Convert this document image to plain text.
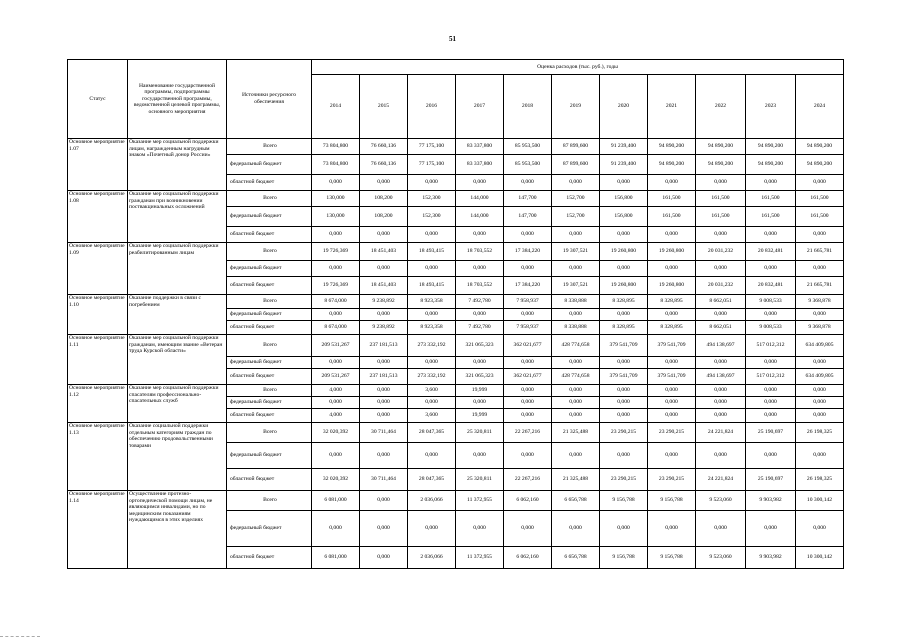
51
Статус	Наименование государственной программы, подпрограммы государственной программы, ведомственной целевой программы, основного мероприятия	Источники ресурсного обеспечения	Оценка расходов (тыс. руб.), годы										
			2014	2015	2016	2017	2018	2019	2020	2021	2022	2023	2024
Основное мероприятие 1.07	Оказание мер социальной поддержки лицам, награжденным нагрудным знаком «Почетный донор России»	Всего	73 804,800	76 660,136	77 175,100	83 337,800	85 953,500	87 899,600	91 239,400	94 890,200	94 890,200	94 890,200	94 890,200
		федеральный бюджет	73 804,800	76 660,136	77 175,100	83 337,800	85 953,500	87 899,600	91 239,400	94 890,200	94 890,200	94 890,200	94 890,200
		областной бюджет	0,000	0,000	0,000	0,000	0,000	0,000	0,000	0,000	0,000	0,000	0,000
Основное мероприятие 1.08	Оказание мер социальной поддержки гражданам при возникновении поствакцинальных осложнений	Всего	130,000	108,200	152,300	144,000	147,700	152,700	156,800	161,500	161,500	161,500	161,500
		федеральный бюджет	130,000	108,200	152,300	144,000	147,700	152,700	156,800	161,500	161,500	161,500	161,500
		областной бюджет	0,000	0,000	0,000	0,000	0,000	0,000	0,000	0,000	0,000	0,000	0,000
Основное мероприятие 1.09	Оказание мер социальной поддержки реабилитированным лицам	Всего	19 726,369	18 451,403	18 493,415	18 703,552	17 384,220	19 307,521	19 260,800	19 260,800	20 031,232	20 832,481	21 665,781
		федеральный бюджет	0,000	0,000	0,000	0,000	0,000	0,000	0,000	0,000	0,000	0,000	0,000
		областной бюджет	19 726,369	18 451,403	18 493,415	18 703,552	17 384,220	19 307,521	19 260,800	19 260,800	20 031,232	20 832,481	21 665,781
Основное мероприятие 1.10	Оказание поддержки в связи с погребением	Всего	8 674,000	9 238,892	8 923,358	7 492,780	7 958,937	8 338,888	8 328,895	8 328,895	8 662,051	9 008,533	9 368,878
		федеральный бюджет	0,000	0,000	0,000	0,000	0,000	0,000	0,000	0,000	0,000	0,000	0,000
		областной бюджет	8 674,000	9 238,892	8 923,358	7 492,780	7 958,937	8 338,888	8 328,895	8 328,895	8 662,051	9 008,533	9 368,878
Основное мероприятие 1.11	Оказание мер социальной поддержки гражданам, имеющим звание «Ветеран труда Курской области»	Всего	209 531,267	237 181,513	273 332,192	321 065,323	362 021,677	428 774,658	379 541,709	379 541,709	494 138,697	517 012,312	634 409,805
		федеральный бюджет	0,000	0,000	0,000	0,000	0,000	0,000	0,000	0,000	0,000	0,000	0,000
		областной бюджет	209 531,267	237 181,513	273 332,192	321 065,323	362 021,677	428 774,658	379 541,709	379 541,709	494 138,697	517 012,312	634 409,805
Основное мероприятие 1.12	Оказание мер социальной поддержки спасателям профессионально-спасательных служб	Всего	4,000	0,000	3,600	19,999	0,000	0,000	0,000	0,000	0,000	0,000	0,000
		федеральный бюджет	0,000	0,000	0,000	0,000	0,000	0,000	0,000	0,000	0,000	0,000	0,000
		областной бюджет	4,000	0,000	3,600	19,999	0,000	0,000	0,000	0,000	0,000	0,000	0,000
Основное мероприятие 1.13	Оказание социальной поддержки отдельным категориям граждан по обеспечению продовольственными товарами	Всего	32 020,392	30 711,464	28 047,365	25 320,811	22 267,216	21 325,488	23 290,215	23 290,215	24 221,824	25 190,697	26 198,325
		федеральный бюджет	0,000	0,000	0,000	0,000	0,000	0,000	0,000	0,000	0,000	0,000	0,000
		областной бюджет	32 020,392	30 711,464	28 047,365	25 320,811	22 267,216	21 325,488	23 290,215	23 290,215	24 221,824	25 190,697	26 198,325
Основное мероприятие 1.14	Осуществление протезно-ортопедической помощи лицам, не являющимся инвалидами, но по медицинским показаниям нуждающимся в этих изделиях	Всего	6 081,000	0,000	2 036,066	11 372,955	6 062,160	6 656,788	9 156,788	9 156,788	9 523,060	9 903,982	10 300,142
		федеральный бюджет	0,000	0,000	0,000	0,000	0,000	0,000	0,000	0,000	0,000	0,000	0,000
		областной бюджет	6 081,000	0,000	2 036,066	11 372,955	6 062,160	6 656,788	9 156,788	9 156,788	9 523,060	9 903,982	10 300,142
